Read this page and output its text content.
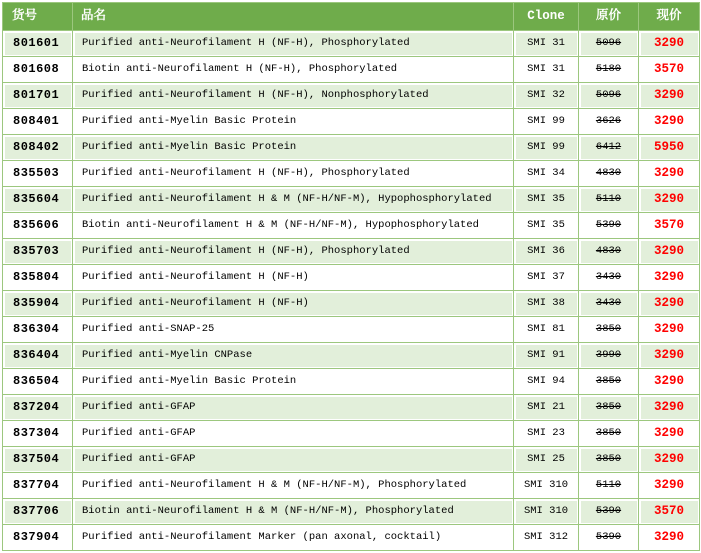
货号	品名	Clone	原价	现价

801601	Purified anti-Neurofilament H (NF-H), Phosphorylated	SMI 31	5096	3290

801608	Biotin anti-Neurofilament H (NF-H), Phosphorylated	SMI 31	5180	3570

801701	Purified anti-Neurofilament H (NF-H), Nonphosphorylated	SMI 32	5096	3290

808401	Purified anti-Myelin Basic Protein	SMI 99	3626	3290

808402	Purified anti-Myelin Basic Protein	SMI 99	6412	5950

835503	Purified anti-Neurofilament H (NF-H), Phosphorylated	SMI 34	4830	3290

835604	Purified anti-Neurofilament H & M (NF-H/NF-M), Hypophosphorylated	SMI 35	5110	3290

835606	Biotin anti-Neurofilament H & M (NF-H/NF-M), Hypophosphorylated	SMI 35	5390	3570

835703	Purified anti-Neurofilament H (NF-H), Phosphorylated	SMI 36	4830	3290

835804	Purified anti-Neurofilament H (NF-H)	SMI 37	3430	3290

835904	Purified anti-Neurofilament H (NF-H)	SMI 38	3430	3290

836304	Purified anti-SNAP-25	SMI 81	3850	3290

836404	Purified anti-Myelin CNPase	SMI 91	3990	3290

836504	Purified anti-Myelin Basic Protein	SMI 94	3850	3290

837204	Purified anti-GFAP	SMI 21	3850	3290

837304	Purified anti-GFAP	SMI 23	3850	3290

837504	Purified anti-GFAP	SMI 25	3850	3290

837704	Purified anti-Neurofilament H & M (NF-H/NF-M), Phosphorylated	SMI 310	5110	3290

837706	Biotin anti-Neurofilament H & M (NF-H/NF-M), Phosphorylated	SMI 310	5390	3570

837904	Purified anti-Neurofilament Marker (pan axonal, cocktail)	SMI 312	5390	3290
